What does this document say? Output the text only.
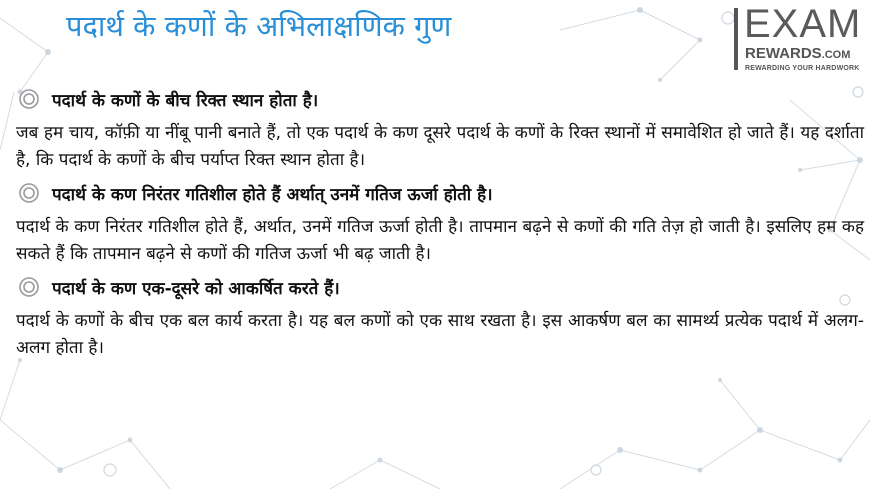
पदार्थ के कणों के अभिलाक्षणिक गुण	EXAM
REWARDS.COM
REWARDING YOUR HARDWORK
पदार्थ के कणों के बीच रिक्त स्थान होता है।

जब हम चाय, कॉफ़ी या नींबू पानी बनाते हैं, तो एक पदार्थ के कण दूसरे पदार्थ के कणों के रिक्त स्थानों में समावेशित हो जाते हैं। यह दर्शाता है, कि पदार्थ के कणों के बीच पर्याप्त रिक्त स्थान होता है।

पदार्थ के कण निरंतर गतिशील होते हैं अर्थात् उनमें गतिज ऊर्जा होती है।

पदार्थ के कण निरंतर गतिशील होते हैं, अर्थात, उनमें गतिज ऊर्जा होती है। तापमान बढ़ने से कणों की गति तेज़ हो जाती है। इसलिए हम कह सकते हैं कि तापमान बढ़ने से कणों की गतिज ऊर्जा भी बढ़ जाती है।

पदार्थ के कण एक-दूसरे को आकर्षित करते हैं।

पदार्थ के कणों के बीच एक बल कार्य करता है। यह बल कणों को एक साथ रखता है। इस आकर्षण बल का सामर्थ्य प्रत्येक पदार्थ में अलग-अलग होता है।
